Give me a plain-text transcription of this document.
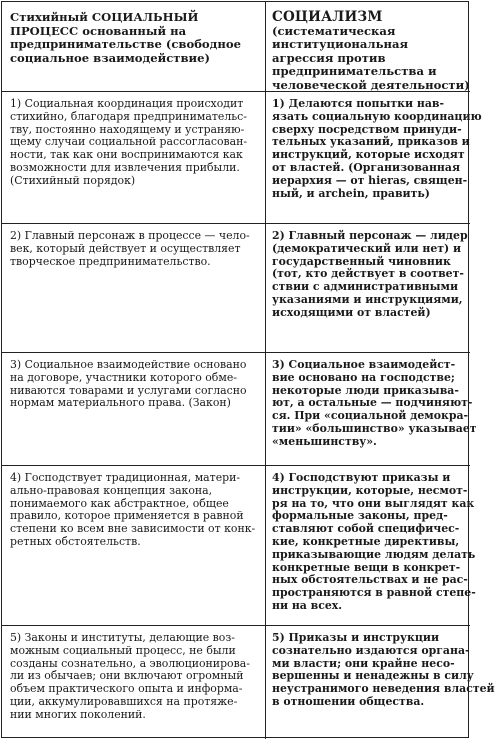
Стихийный СОЦИАЛЬНЫЙ
ПРОЦЕСС основанный на
предпринимательстве (свободное
социальное взаимодействие)
СОЦИАЛИЗМ
(систематическая
институциональная
агрессия против
предпринимательства и
человеческой деятельности)
1) Социальная координация происходит
стихийно, благодаря предпринимательс-
тву, постоянно находящему и устраняю-
щему случаи социальной рассогласован-
ности, так как они воспринимаются как
возможности для извлечения прибыли.
(Стихийный порядок)
1) Делаются попытки нав-
язать социальную координацию
сверху посредством принуди-
тельных указаний, приказов и
инструкций, которые исходят
от властей. (Организованная
иерархия — от hieras, священ-
ный, и archein, править)
2) Главный персонаж в процессе — чело-
век, который действует и осуществляет
творческое предпринимательство.
2) Главный персонаж — лидер
(демократический или нет) и
государственный чиновник
(тот, кто действует в соответ-
ствии с административными
указаниями и инструкциями,
исходящими от властей)
3) Социальное взаимодействие основано
на договоре, участники которого обме-
ниваются товарами и услугами согласно
нормам материального права. (Закон)
3) Социальное взаимодейст-
вие основано на господстве;
некоторые люди приказыва-
ют, а остальные — подчиняют-
ся. При «социальной демокра-
тии» «большинство» указывает
«меньшинству».
4) Господствует традиционная, матери-
ально-правовая концепция закона,
понимаемого как абстрактное, общее
правило, которое применяется в равной
степени ко всем вне зависимости от конк-
ретных обстоятельств.
4) Господствуют приказы и
инструкции, которые, несмот-
ря на то, что они выглядят как
формальные законы, пред-
ставляют собой специфичес-
кие, конкретные директивы,
приказывающие людям делать
конкретные вещи в конкрет-
ных обстоятельствах и не рас-
пространяются в равной степе-
ни на всех.
5) Законы и институты, делающие воз-
можным социальный процесс, не были
созданы сознательно, а эволюционирова-
ли из обычаев; они включают огромный
объем практического опыта и информа-
ции, аккумулировавшихся на протяже-
нии многих поколений.
5) Приказы и инструкции
сознательно издаются органа-
ми власти; они крайне несо-
вершенны и ненадежны в силу
неустранимого неведения властей
в отношении общества.
